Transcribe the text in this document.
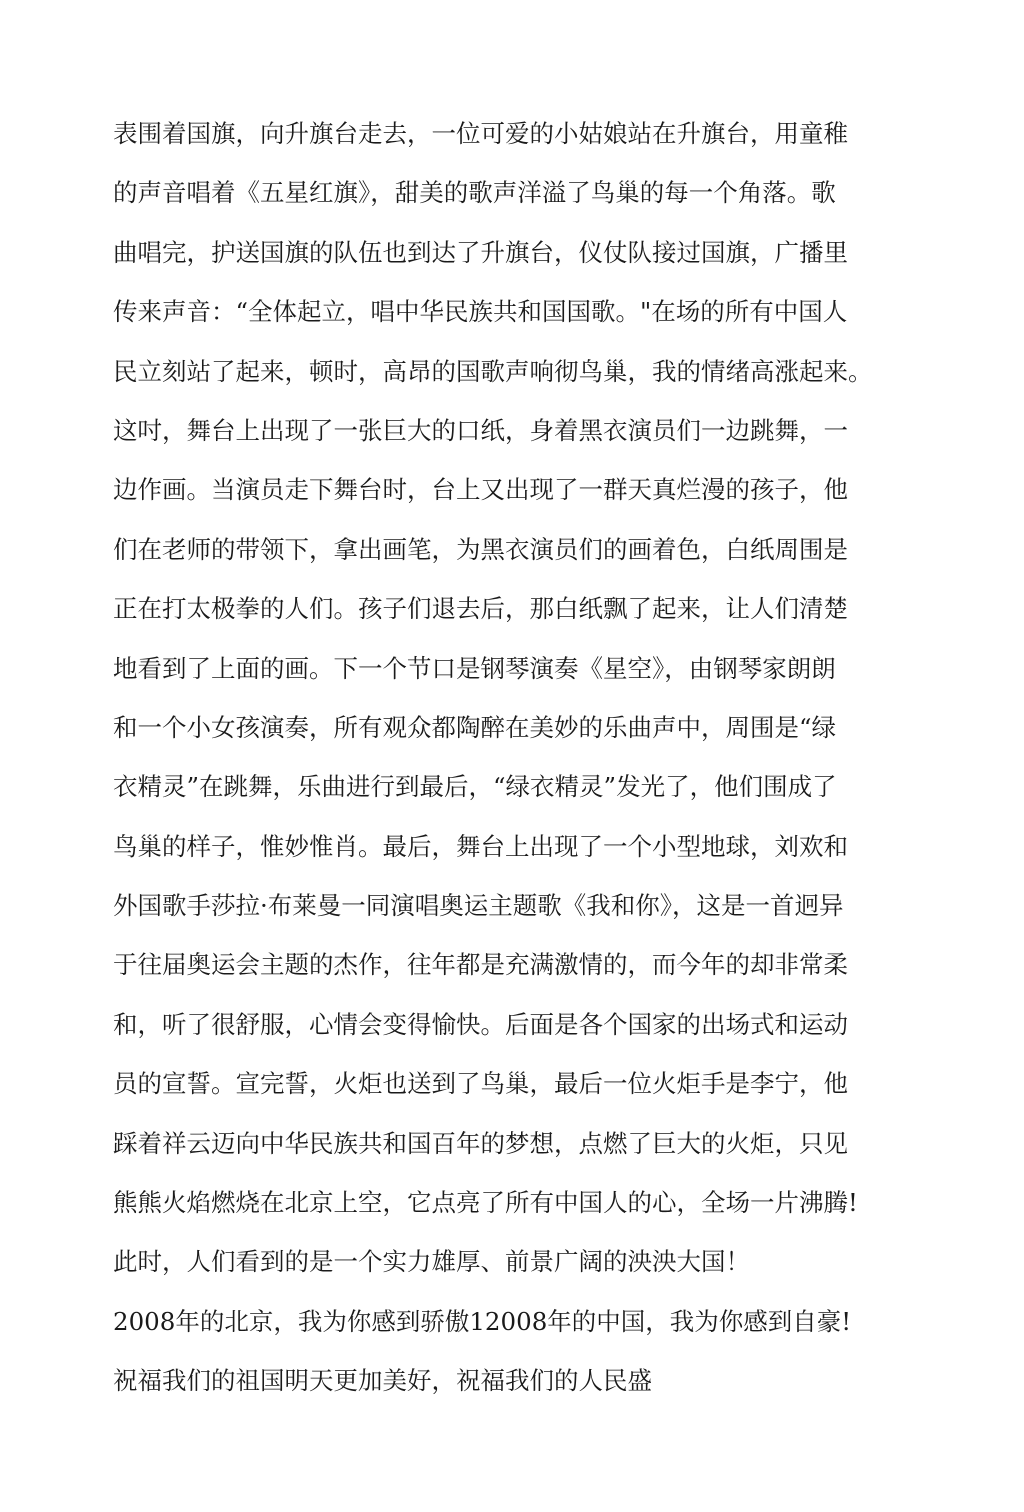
表围着国旗，向升旗台走去，一位可爱的小姑娘站在升旗台，用童稚
的声音唱着《五星红旗》，甜美的歌声洋溢了鸟巢的每一个角落。歌
曲唱完，护送国旗的队伍也到达了升旗台，仪仗队接过国旗，广播里
传来声音：“全体起立，唱中华民族共和国国歌。"在场的所有中国人
民立刻站了起来，顿时，高昂的国歌声响彻鸟巢，我的情绪高涨起来。
这吋，舞台上出现了一张巨大的口纸，身着黑衣演员们一边跳舞，一
边作画。当演员走下舞台时，台上又出现了一群天真烂漫的孩子，他
们在老师的带领下，拿出画笔，为黑衣演员们的画着色，白纸周围是
正在打太极拳的人们。孩子们退去后，那白纸飘了起来，让人们清楚
地看到了上面的画。下一个节口是钢琴演奏《星空》，由钢琴家朗朗
和一个小女孩演奏，所有观众都陶醉在美妙的乐曲声中，周围是“绿
衣精灵”在跳舞，乐曲进行到最后，“绿衣精灵”发光了，他们围成了
鸟巢的样子，惟妙惟肖。最后，舞台上出现了一个小型地球，刘欢和
外国歌手莎拉·布莱曼一同演唱奥运主题歌《我和你》，这是一首迥异
于往届奥运会主题的杰作，往年都是充满激情的，而今年的却非常柔
和，听了很舒服，心情会变得愉快。后面是各个国家的出场式和运动
员的宣誓。宣完誓，火炬也送到了鸟巢，最后一位火炬手是李宁，他
踩着祥云迈向中华民族共和国百年的梦想，点燃了巨大的火炬，只见
熊熊火焰燃烧在北京上空，它点亮了所有中国人的心，全场一片沸腾!
此时，人们看到的是一个实力雄厚、前景广阔的泱泱大国！
2008年的北京，我为你感到骄傲12008年的中国，我为你感到自豪!
祝福我们的祖国明天更加美好，祝福我们的人民盛
